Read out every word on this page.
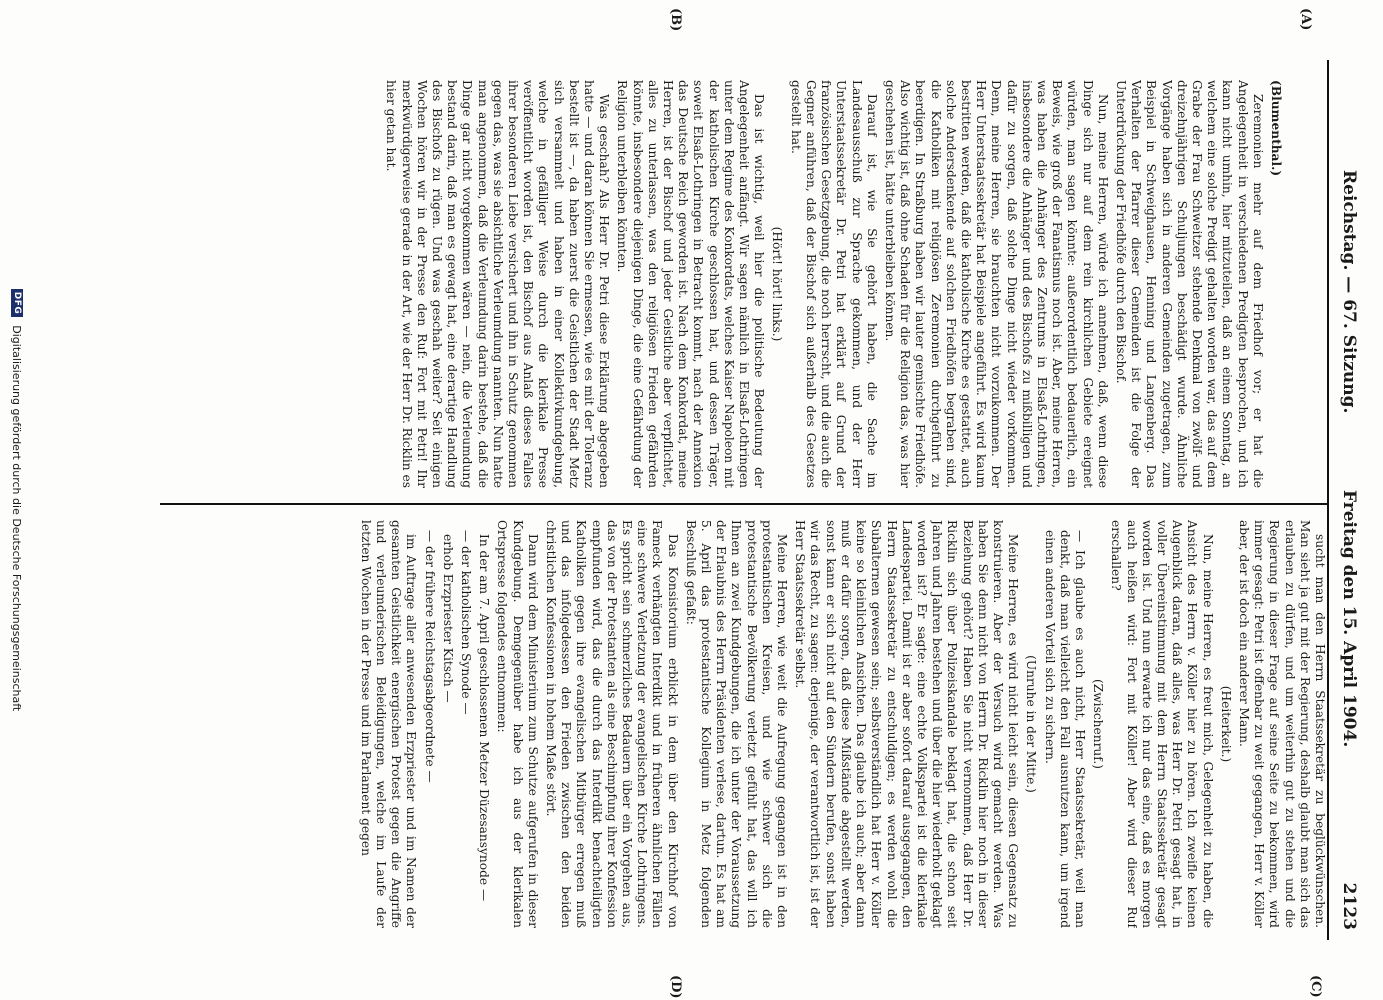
Reichstag. — 67. Sitzung.
Freitag den 15. April 1904.
2123
(A)
(B)
(C)
(D)

(Blumenthal.)

Zeremonien mehr auf dem Friedhof vor; er hat die Angelegenheit in verschiedenen Predigten besprochen, und ich kann nicht umhin, hier mitzuteilen, daß an einem Sonntag, an welchem eine solche Predigt gehalten worden war, das auf dem Grabe der Frau Schweitzer stehende Denkmal von zwölf- und dreizehnjährigen Schuljungen beschädigt wurde. Ähnliche Vorgänge haben sich in anderen Gemeinden zugetragen, zum Beispiel in Schweighausen, Henning und Langenberg. Das Verhalten der Pfarrer dieser Gemeinden ist die Folge der Unterdrückung der Friedhöfe durch den Bischof.

Nun, meine Herren, würde ich annehmen, daß, wenn diese Dinge sich nur auf dem rein kirchlichen Gebiete ereignet würden, man sagen könnte: außerordentlich bedauerlich, ein Beweis, wie groß der Fanatismus noch ist. Aber, meine Herren, was haben die Anhänger des Zentrums in Elsaß-Lothringen, insbesondere die Anhänger und des Bischofs zu mißbilligen und dafür zu sorgen, daß solche Dinge nicht wieder vorkommen. Denn, meine Herren, sie brauchten nicht vorzukommen. Der Herr Unterstaatssekretär hat Beispiele angeführt. Es wird kaum bestritten werden, daß die katholische Kirche es gestattet, auch solche Andersdenkende auf solchen Friedhöfen begraben sind, die Katholiken mit religiösen Zeremonien durchgeführt zu beerdigen. In Straßburg haben wir lauter gemischte Friedhöfe. Also wichtig ist, daß ohne Schaden für die Religion das, was hier geschehen ist, hätte unterbleiben können.

Darauf ist, wie Sie gehört haben, die Sache im Landesausschuß zur Sprache gekommen, und der Herr Unterstaatssekretär Dr. Petri hat erklärt auf Grund der französischen Gesetzgebung, die noch herrscht, und die auch die Gegner anführen, daß der Bischof sich außerhalb des Gesetzes gestellt hat.

(Hört! hört! links.)

Das ist wichtig, weil hier die politische Bedeutung der Angelegenheit anfängt. Wir sagen nämlich in Elsaß-Lothringen unter dem Regime des Konkordats, welches Kaiser Napoleon mit der katholischen Kirche geschlossen hat, und dessen Träger, soweit Elsaß-Lothringen in Betracht kommt, nach der Annexion das Deutsche Reich geworden ist. Nach dem Konkordat, meine Herren, ist der Bischof und jeder Geistliche aber verpflichtet, alles zu unterlassen, was den religiösen Frieden gefährden könnte, insbesondere diejenigen Dinge, die eine Gefährdung der Religion unterbleiben könnten.

Was geschah? Als Herr Dr. Petri diese Erklärung abgegeben hatte — und daran können Sie ermessen, wie es mit der Toleranz bestellt ist —, da haben zuerst die Geistlichen der Stadt Metz sich versammelt und haben in einer Kollektivkundgebung, welche in gefälliger Weise durch die klerikale Presse veröffentlicht worden ist, den Bischof aus Anlaß dieses Falles ihrer besonderen Liebe versichert und ihn in Schutz genommen gegen das, was sie absichtliche Verleumdung nannten. Nun hatte man angenommen, daß die Verleumdung darin bestehe, daß die Dinge gar nicht vorgekommen wären — nein, die Verleumdung bestand darin, daß man es gewagt hat, eine derartige Handlung des Bischofs zu rügen. Und was geschah weiter? Seit einigen Wochen hören wir in der Presse den Ruf: Fort mit Petri! Ihr merkwürdigerweise gerade in der Art, wie der Herr Dr. Ricklin es hier getan hat.

sucht man den Herrn Staatssekretär zu beglückwünschen. Man sieht ja gut mit der Regierung, deshalb glaubt man sich das erlauben zu dürfen, und um weiterhin gut zu stehen und die Regierung in dieser Frage auf seine Seite zu bekommen, wird immer gesagt: Petri ist offenbar zu weit gegangen, Herr v. Köller aber, der ist doch ein anderer Mann.

(Heiterkeit.)

Nun, meine Herren, es freut mich, Gelegenheit zu haben, die Ansicht des Herrn v. Köller hier zu hören. Ich zweifle keinen Augenblick daran, daß alles, was Herr Dr. Petri gesagt hat, in voller Übereinstimmung mit dem Herrn Staatssekretär gesagt worden ist. Und nun erwarte ich nur das eine, daß es morgen auch heißen wird: Fort mit Köller! Aber wird dieser Ruf erschallen?

(Zwischenruf.)

— Ich glaube es auch nicht, Herr Staatssekretär, weil man denkt, daß man vielleicht den Fall ausnutzen kann, um irgend einen anderen Vorteil sich zu sichern.

(Unruhe in der Mitte.)

Meine Herren, es wird nicht leicht sein, diesen Gegensatz zu konstruieren. Aber der Versuch wird gemacht werden. Was haben Sie denn nicht von Herrn Dr. Ricklin hier noch in dieser Beziehung gehört? Haben Sie nicht vernommen, daß Herr Dr. Ricklin sich über Polizeiskandale beklagt hat, die schon seit Jahren und Jahren bestehen und über die hier wiederholt geklagt worden ist? Er sagte: eine echte Volkspartei ist die klerikale Landespartei. Damit ist er aber sofort darauf ausgegangen, den Herrn Staatssekretär zu entschuldigen; es werden wohl die Subalternen gewesen sein; selbstverständlich hat Herr v. Köller keine so kleinlichen Ansichten. Das glaube ich auch; aber dann muß er dafür sorgen, daß diese Mißstände abgestellt werden, sonst kann er sich nicht auf den Sündern berufen, sonst haben wir das Recht, zu sagen: derjenige, der verantwortlich ist, ist der Herr Staatssekretär selbst.

Meine Herren, wie weit die Aufregung gegangen ist in den protestantischen Kreisen, und wie schwer sich die protestantische Bevölkerung verletzt gefühlt hat, das will ich Ihnen an zwei Kundgebungen, die ich unter der Voraussetzung der Erlaubnis des Herrn Präsidenten verlese, dartun. Es hat am 5. April das protestantische Kollegium in Metz folgenden Beschluß gefaßt:

Das Konsistorium erblickt in dem über den Kirchhof von Fameck verhängten Interdikt und in früheren ähnlichen Fällen eine schwere Verletzung der evangelischen Kirche Lothringens. Es spricht sein schmerzliches Bedauern über ein Vorgehen aus, das von der Protestanten als eine Beschimpfung ihrer Konfession empfunden wird, das die durch das Interdikt benachteiligten Katholiken gegen ihre evangelischen Mitbürger erregen muß und das infolgedessen den Frieden zwischen den beiden christlichen Konfessionen in hohem Maße stört.

Dann wird dem Ministerium zum Schutze aufgerufen in dieser Kundgebung. Demgegenüber habe ich aus der klerikalen Ortspresse folgendes entnommen:

In der am 7. April geschlossenen Metzer Düzesansynode —

— der katholischen Synode —

erhob Erzpriester Kitsch —

— der frühere Reichstagsabgeordnete —

im Auftrage aller anwesenden Erzpriester und im Namen der gesamten Geistlichkeit energischen Protest gegen die Angriffe und verleumderischen Beleidigungen, welche im Laufe der letzten Wochen in der Presse und im Parlament gegen

DFG
Digitalisierung gefördert durch die Deutsche Forschungsgemeinschaft
